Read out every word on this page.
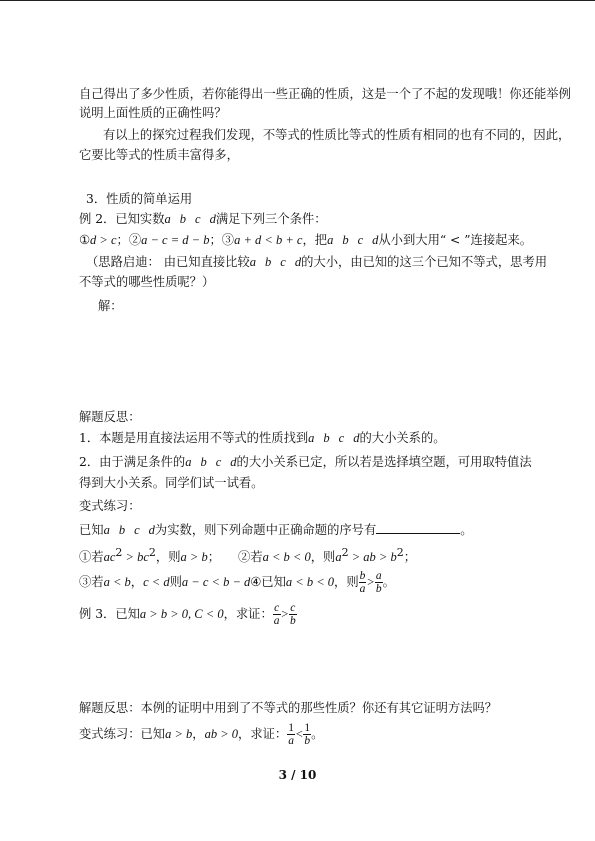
自己得出了多少性质，若你能得出一些正确的性质，这是一个了不起的发现哦！你还能举例
说明上面性质的正确性吗？
有以上的探究过程我们发现，不等式的性质比等式的性质有相同的也有不同的，因此，
它要比等式的性质丰富得多，
3．性质的简单运用
例 2．已知实数a b c d满足下列三个条件：
①d > c；②a − c = d − b；③a + d < b + c，把a b c d从小到大用“ < ”连接起来。
（思路启迪： 由已知直接比较a b c d的大小，由已知的这三个已知不等式，思考用
不等式的哪些性质呢？）
解：
解题反思：
1．本题是用直接法运用不等式的性质找到a b c d的大小关系的。
2．由于满足条件的a b c d的大小关系已定，所以若是选择填空题，可用取特值法
得到大小关系。同学们试一试看。
变式练习：
已知a b c d为实数，则下列命题中正确命题的序号有	。
①若$ac^2 > bc^2$，则a > b； ②若a < b < 0，则$a^2$ > ab > $b^2$；
③若a < b，c < d则a − c < b − d④已知a < b < 0，则 $\frac{b}{a} > \frac{a}{b}$ 。
例 3．已知a > b > 0, C < 0，求证： $\frac{c}{a} > \frac{c}{b}$
解题反思：本例的证明中用到了不等式的那些性质？你还有其它证明方法吗？
变式练习：已知a > b，ab > 0，求证： $\frac{1}{a} < \frac{1}{b}$ 。
3 / 10
